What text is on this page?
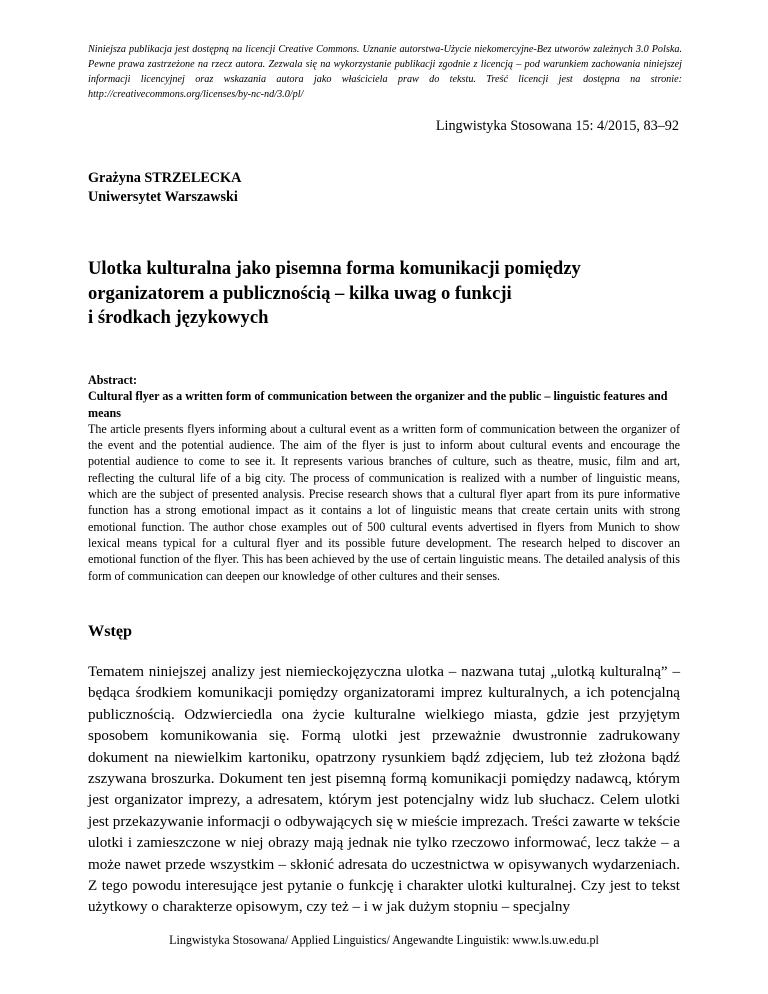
Niniejsza publikacja jest dostępną na licencji Creative Commons. Uznanie autorstwa-Użycie niekomercyjne-Bez utworów zależnych 3.0 Polska. Pewne prawa zastrzeżone na rzecz autora. Zezwala się na wykorzystanie publikacji zgodnie z licencją – pod warunkiem zachowania niniejszej informacji licencyjnej oraz wskazania autora jako właściciela praw do tekstu. Treść licencji jest dostępna na stronie: http://creativecommons.org/licenses/by-nc-nd/3.0/pl/

Lingwistyka Stosowana 15: 4/2015, 83–92
Grażyna STRZELECKA
Uniwersytet Warszawski
Ulotka kulturalna jako pisemna forma komunikacji pomiędzy
organizatorem a publicznością – kilka uwag o funkcji
i środkach językowych
Abstract:
Cultural flyer as a written form of communication between the organizer and the public – linguistic features and means
The article presents flyers informing about a cultural event as a written form of communication between the organizer of the event and the potential audience. The aim of the flyer is just to inform about cultural events and encourage the potential audience to come to see it. It represents various branches of culture, such as theatre, music, film and art, reflecting the cultural life of a big city. The process of communication is realized with a number of linguistic means, which are the subject of presented analysis. Precise research shows that a cultural flyer apart from its pure informative function has a strong emotional impact as it contains a lot of linguistic means that create certain units with strong emotional function. The author chose examples out of 500 cultural events advertised in flyers from Munich to show lexical means typical for a cultural flyer and its possible future development. The research helped to discover an emotional function of the flyer. This has been achieved by the use of certain linguistic means. The detailed analysis of this form of communication can deepen our knowledge of other cultures and their senses.
Wstęp
Tematem niniejszej analizy jest niemieckojęzyczna ulotka – nazwana tutaj „ulotką kulturalną” – będąca środkiem komunikacji pomiędzy organizatorami imprez kulturalnych, a ich potencjalną publicznością. Odzwierciedla ona życie kulturalne wielkiego miasta, gdzie jest przyjętym sposobem komunikowania się. Formą ulotki jest przeważnie dwustronnie zadrukowany dokument na niewielkim kartoniku, opatrzony rysunkiem bądź zdjęciem, lub też złożona bądź zszywana broszurka. Dokument ten jest pisemną formą komunikacji pomiędzy nadawcą, którym jest organizator imprezy, a adresatem, którym jest potencjalny widz lub słuchacz. Celem ulotki jest przekazywanie informacji o odbywających się w mieście imprezach. Treści zawarte w tekście ulotki i zamieszczone w niej obrazy mają jednak nie tylko rzeczowo informować, lecz także – a może nawet przede wszystkim – skłonić adresata do uczestnictwa w opisywanych wydarzeniach. Z tego powodu interesujące jest pytanie o funkcję i charakter ulotki kulturalnej. Czy jest to tekst użytkowy o charakterze opisowym, czy też – i w jak dużym stopniu – specjalny
Lingwistyka Stosowana/ Applied Linguistics/ Angewandte Linguistik: www.ls.uw.edu.pl
